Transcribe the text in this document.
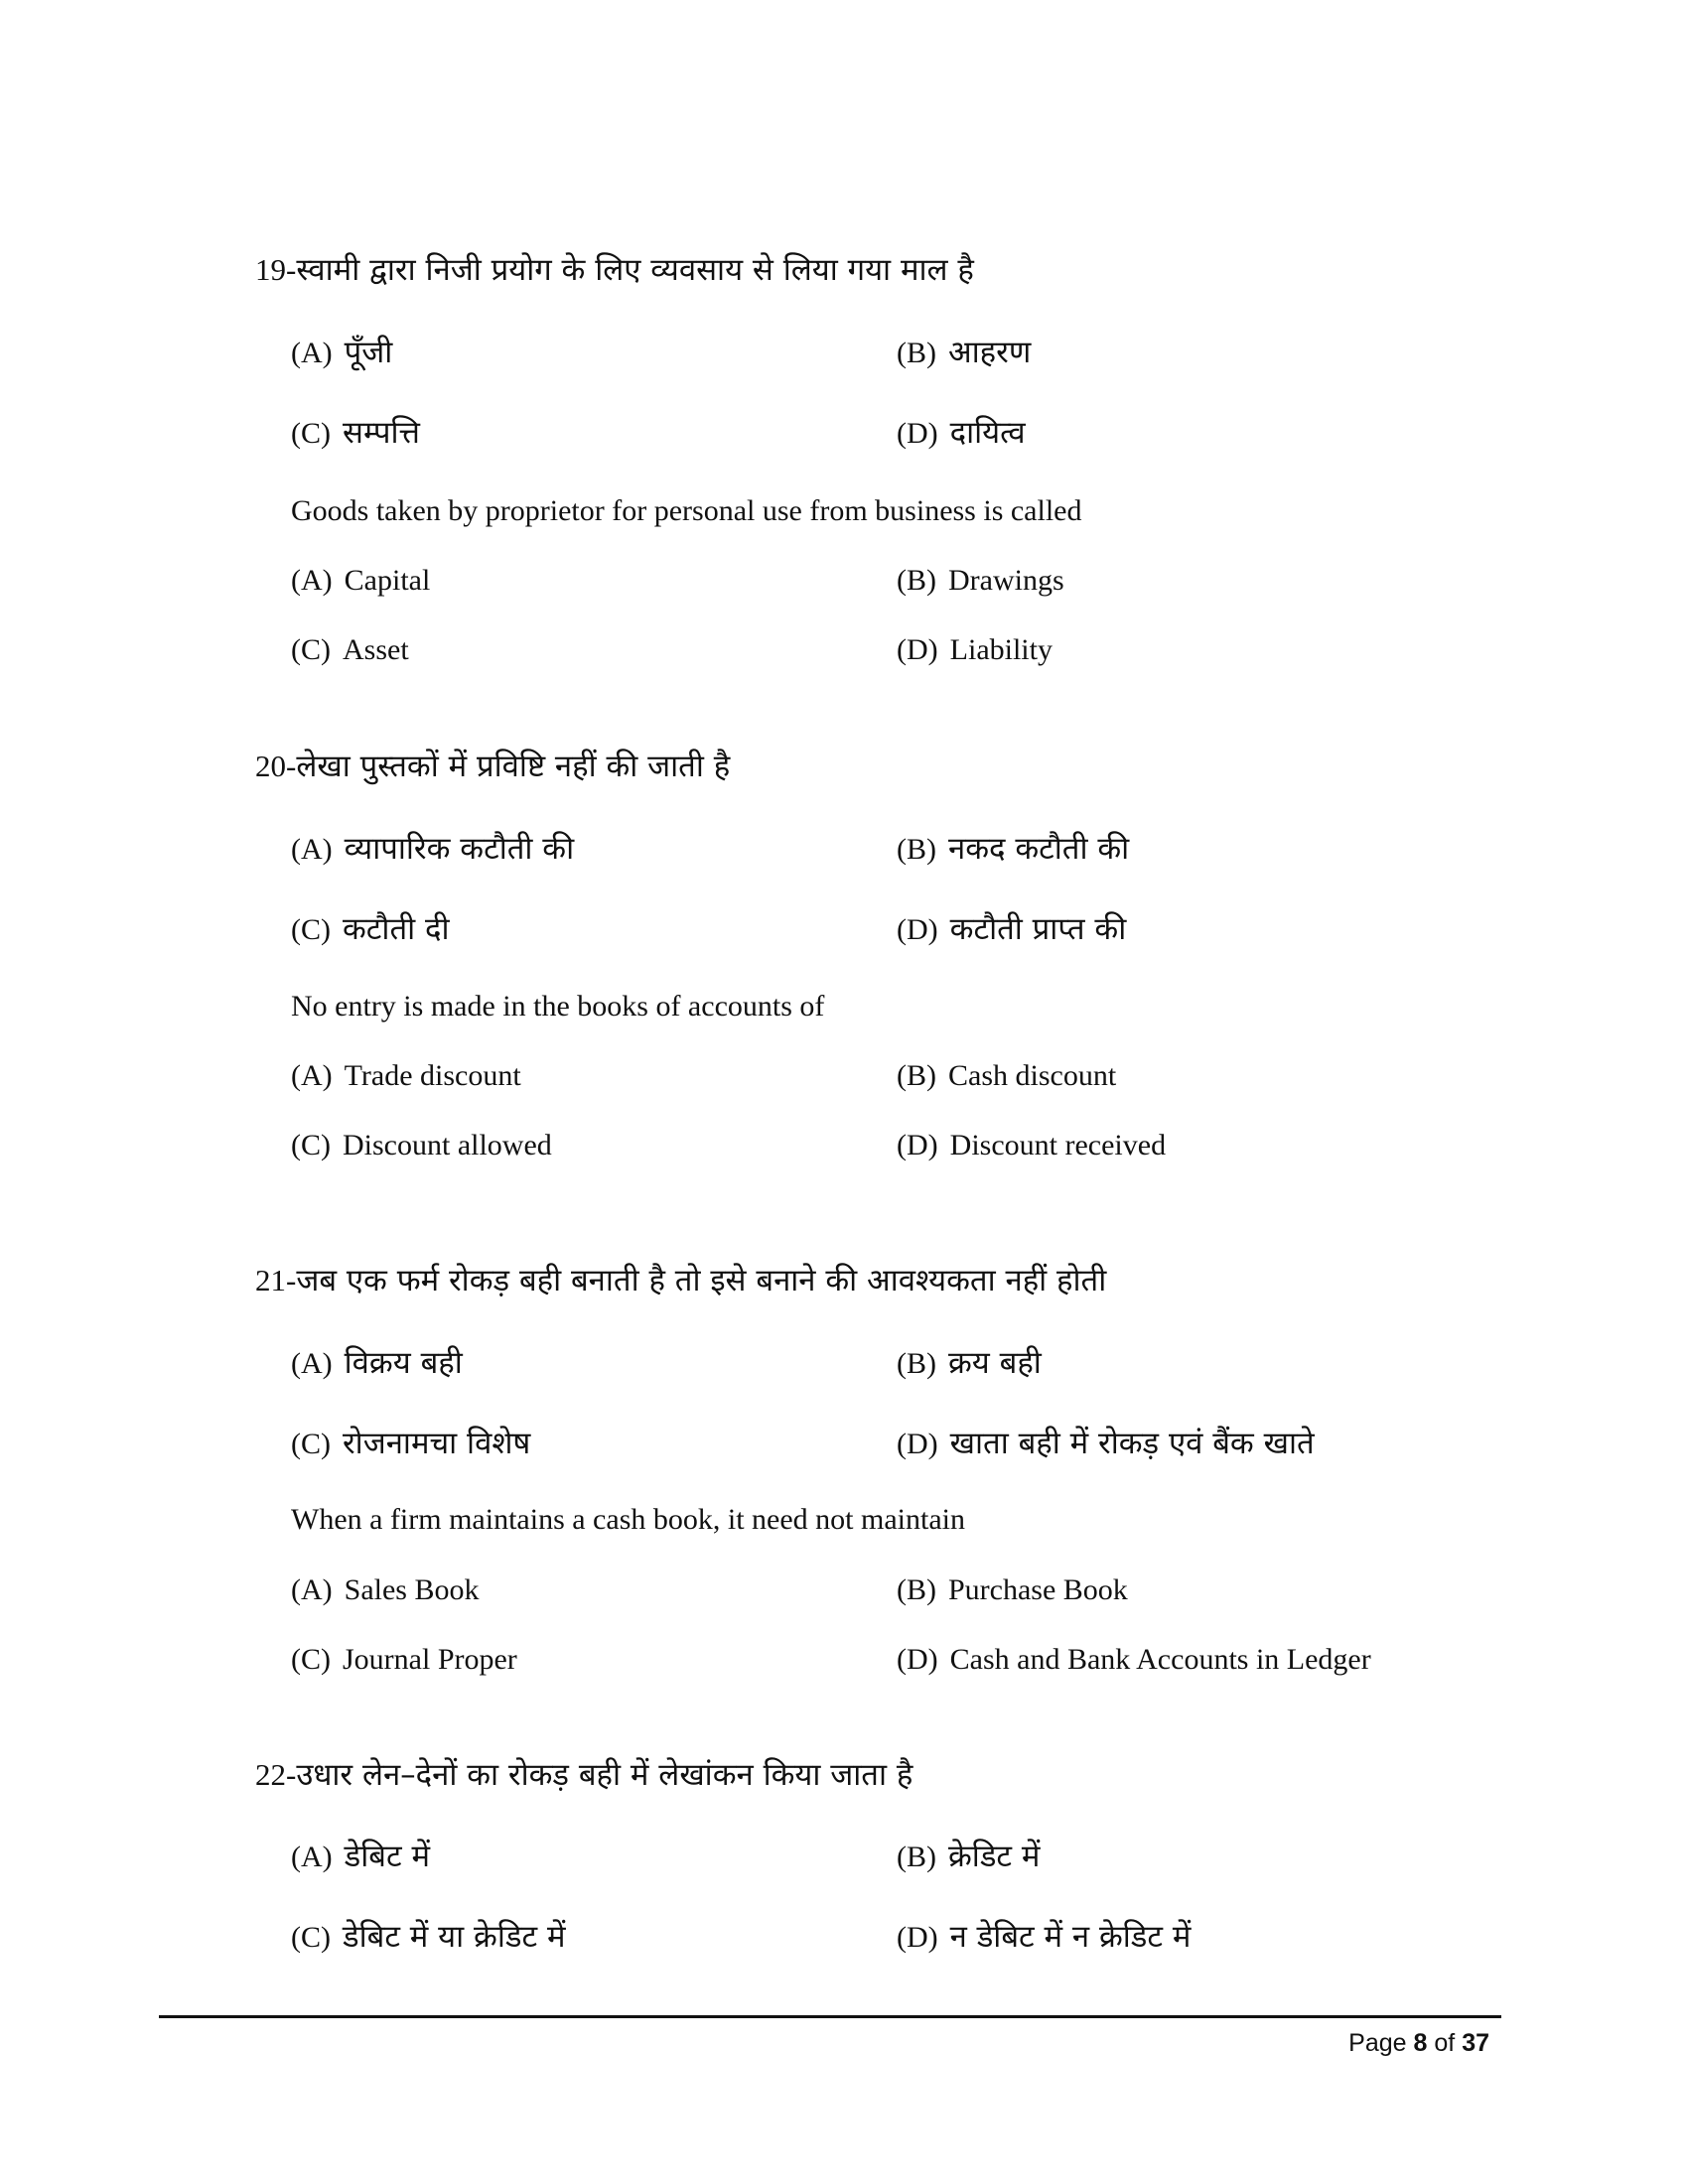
19-स्वामी द्वारा निजी प्रयोग के लिए व्यवसाय से लिया गया माल है
(A) पूँजी	(B) आहरण
(C) सम्पत्ति	(D) दायित्व
Goods taken by proprietor for personal use from business is called
(A) Capital	(B) Drawings
(C) Asset	(D) Liability
20-लेखा पुस्तकों में प्रविष्टि नहीं की जाती है
(A) व्यापारिक कटौती की	(B) नकद कटौती की
(C) कटौती दी	(D) कटौती प्राप्त की
No entry is made in the books of accounts of
(A) Trade discount	(B) Cash discount
(C) Discount allowed	(D) Discount received
21-जब एक फर्म रोकड़ बही बनाती है तो इसे बनाने की आवश्यकता नहीं होती
(A) विक्रय बही	(B) क्रय बही
(C) रोजनामचा विशेष	(D) खाता बही में रोकड़ एवं बैंक खाते
When a firm maintains a cash book, it need not maintain
(A) Sales Book	(B) Purchase Book
(C) Journal Proper	(D) Cash and Bank Accounts in Ledger
22-उधार लेन–देनों का रोकड़ बही में लेखांकन किया जाता है
(A) डेबिट में	(B) क्रेडिट में
(C) डेबिट में या क्रेडिट में	(D) न डेबिट में न क्रेडिट में
Page 8 of 37
